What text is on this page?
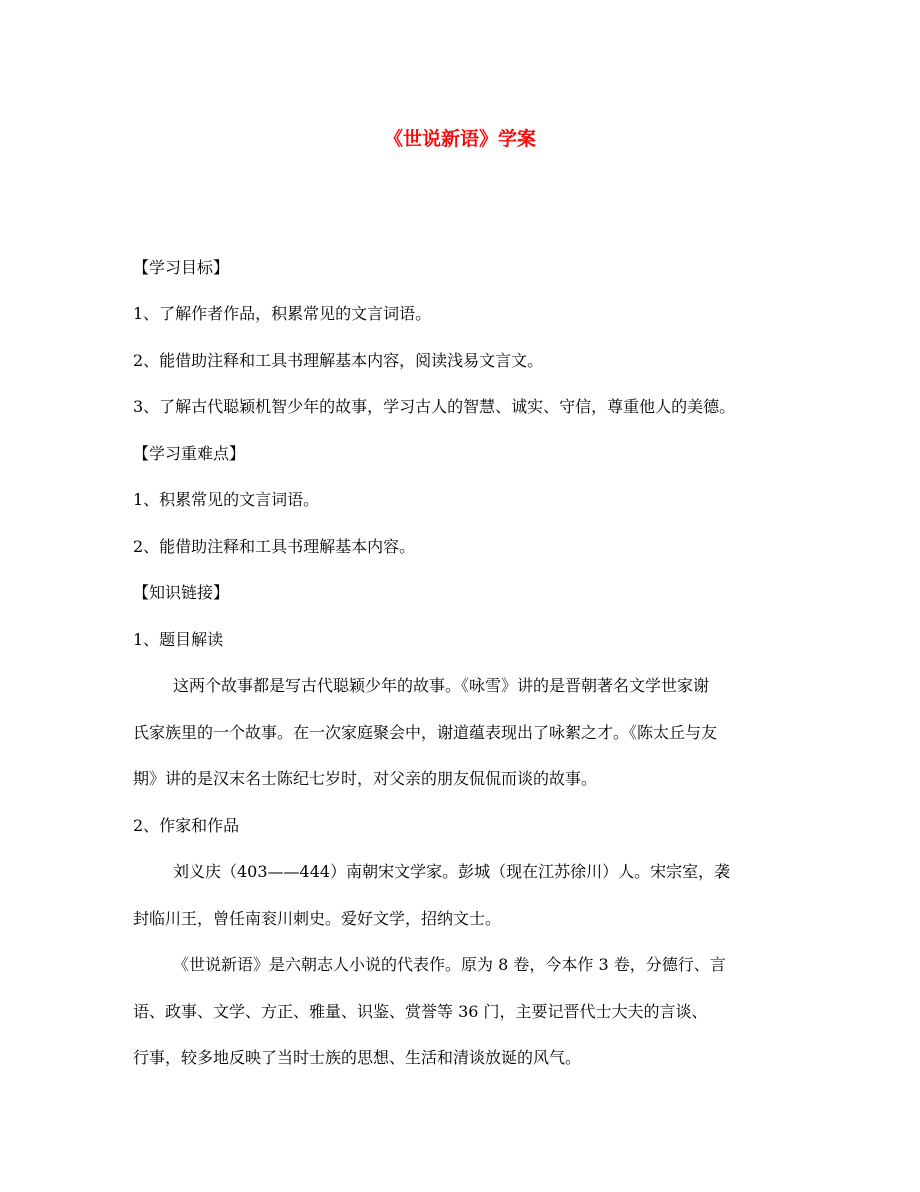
《世说新语》学案
【学习目标】
1、了解作者作品，积累常见的文言词语。
2、能借助注释和工具书理解基本内容，阅读浅易文言文。
3、了解古代聪颖机智少年的故事，学习古人的智慧、诚实、守信，尊重他人的美德。
【学习重难点】
1、积累常见的文言词语。
2、能借助注释和工具书理解基本内容。
【知识链接】
1、题目解读
这两个故事都是写古代聪颖少年的故事。《咏雪》讲的是晋朝著名文学世家谢
氏家族里的一个故事。在一次家庭聚会中，谢道蕴表现出了咏絮之才。《陈太丘与友
期》讲的是汉末名士陈纪七岁时，对父亲的朋友侃侃而谈的故事。
2、作家和作品
刘义庆（403——444）南朝宋文学家。彭城（现在江苏徐川）人。宋宗室，袭
封临川王，曾任南衮川刺史。爱好文学，招纳文士。
《世说新语》是六朝志人小说的代表作。原为 8 卷，今本作 3 卷，分德行、言
语、政事、文学、方正、雅量、识鉴、赏誉等 36 门，主要记晋代士大夫的言谈、
行事，较多地反映了当时士族的思想、生活和清谈放诞的风气。
